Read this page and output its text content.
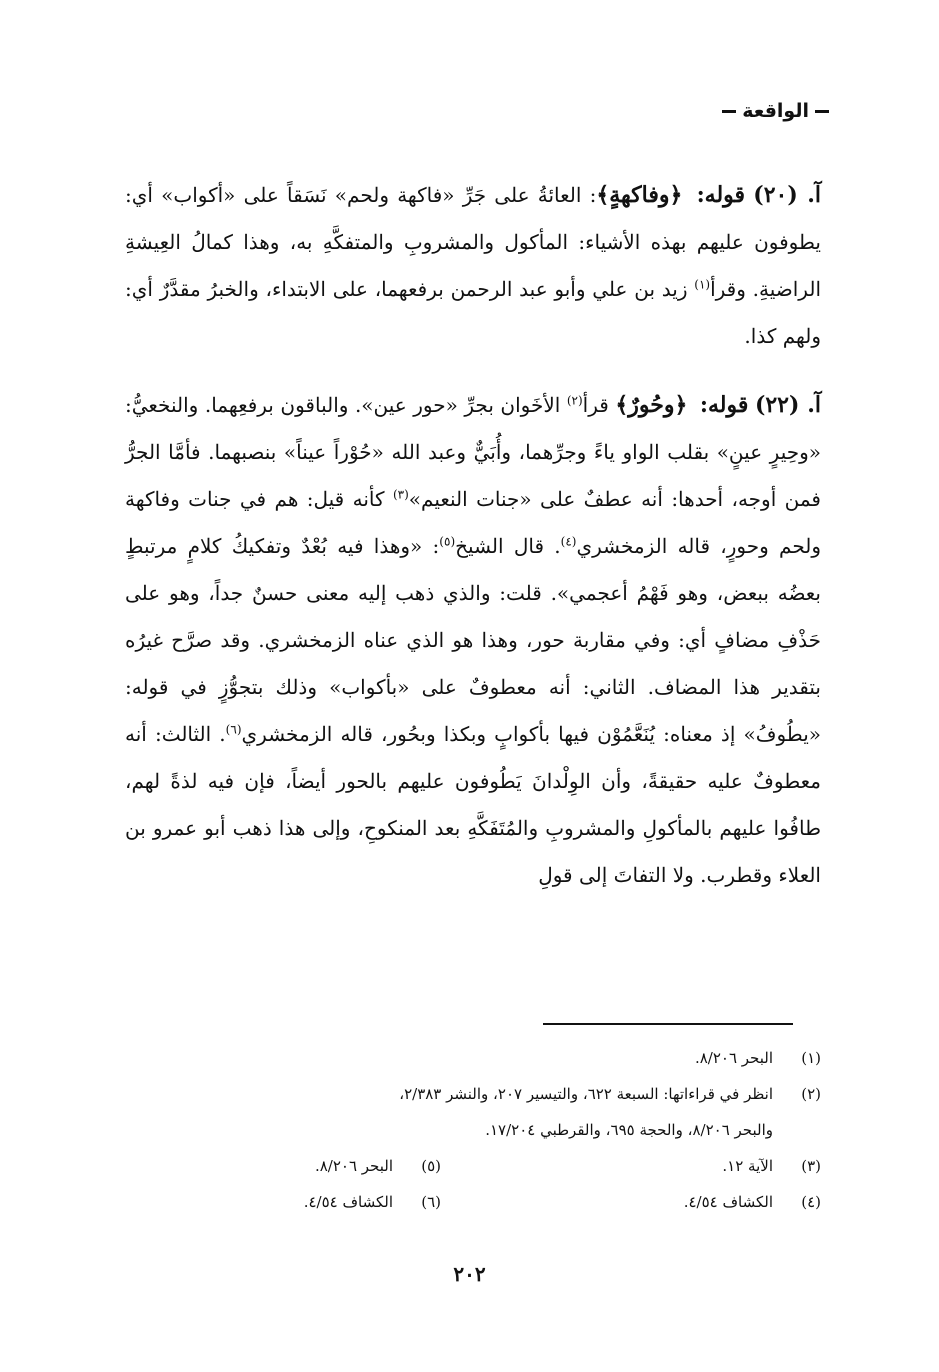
الواقعة

آ. (٢٠) قوله: ﴿وفاكهةٍ﴾: العائةُ على جَرِّ «فاكهة ولحم» نَسَقاً على «أكواب» أي: يطوفون عليهم بهذه الأشياء: المأكول والمشروبِ والمتفكَّهِ به، وهذا كمالُ العِيشةِ الراضيةِ. وقرأ$^{(١)}$ زيد بن علي وأبو عبد الرحمن برفعهما، على الابتداء، والخبرُ مقدَّرٌ أي: ولهم كذا.

آ. (٢٢) قوله: ﴿وحُورٌ﴾ قرأ$^{(٢)}$ الأخَوان بجرِّ «حور عين». والباقون برفعِهما. والنخعيُّ: «وحِيرٍ عينٍ» بقلب الواو ياءً وجرِّهما، وأُبَيٌّ وعبد الله «حُوْراً عيناً» بنصبهما. فأمَّا الجرُّ فمن أوجه، أحدها: أنه عطفٌ على «جنات النعيم»$^{(٣)}$ كأنه قيل: هم في جنات وفاكهة ولحم وحورٍ، قاله الزمخشري$^{(٤)}$. قال الشيخ$^{(٥)}$: «وهذا فيه بُعْدٌ وتفكيكُ كلامٍ مرتبطٍ بعضُه ببعض، وهو فَهْمُ أعجمي». قلت: والذي ذهب إليه معنى حسنٌ جداً، وهو على حَذْفِ مضافٍ أي: وفي مقاربة حور، وهذا هو الذي عناه الزمخشري. وقد صرَّح غيرُه بتقدير هذا المضاف. الثاني: أنه معطوفٌ على «بأكواب» وذلك بتجوُّزٍ في قوله: «يطُوفُ» إذ معناه: يُنَعَّمُوْن فيها بأكوابٍ وبكذا وبحُور، قاله الزمخشري$^{(٦)}$. الثالث: أنه معطوفٌ عليه حقيقةً، وأن الوِلْدانَ يَطُوفون عليهم بالحور أيضاً، فإن فيه لذةً لهم، طافُوا عليهم بالمأكولِ والمشروبِ والمُتَفَكَّهِ بعد المنكوحِ، وإلى هذا ذهب أبو عمرو بن العلاء وقطرب. ولا التفاتَ إلى قولِ

(١)
البحر ٨/٢٠٦.
(٢)
انظر في قراءاتها: السبعة ٦٢٢، والتيسير ٢٠٧، والنشر ٢/٣٨٣،
والبحر ٨/٢٠٦، والحجة ٦٩٥، والقرطبي ١٧/٢٠٤.
(٣)
الآية ١٢.
(٥)
البحر ٨/٢٠٦.
(٤)
الكشاف ٤/٥٤.
(٦)
الكشاف ٤/٥٤.
٢٠٢
